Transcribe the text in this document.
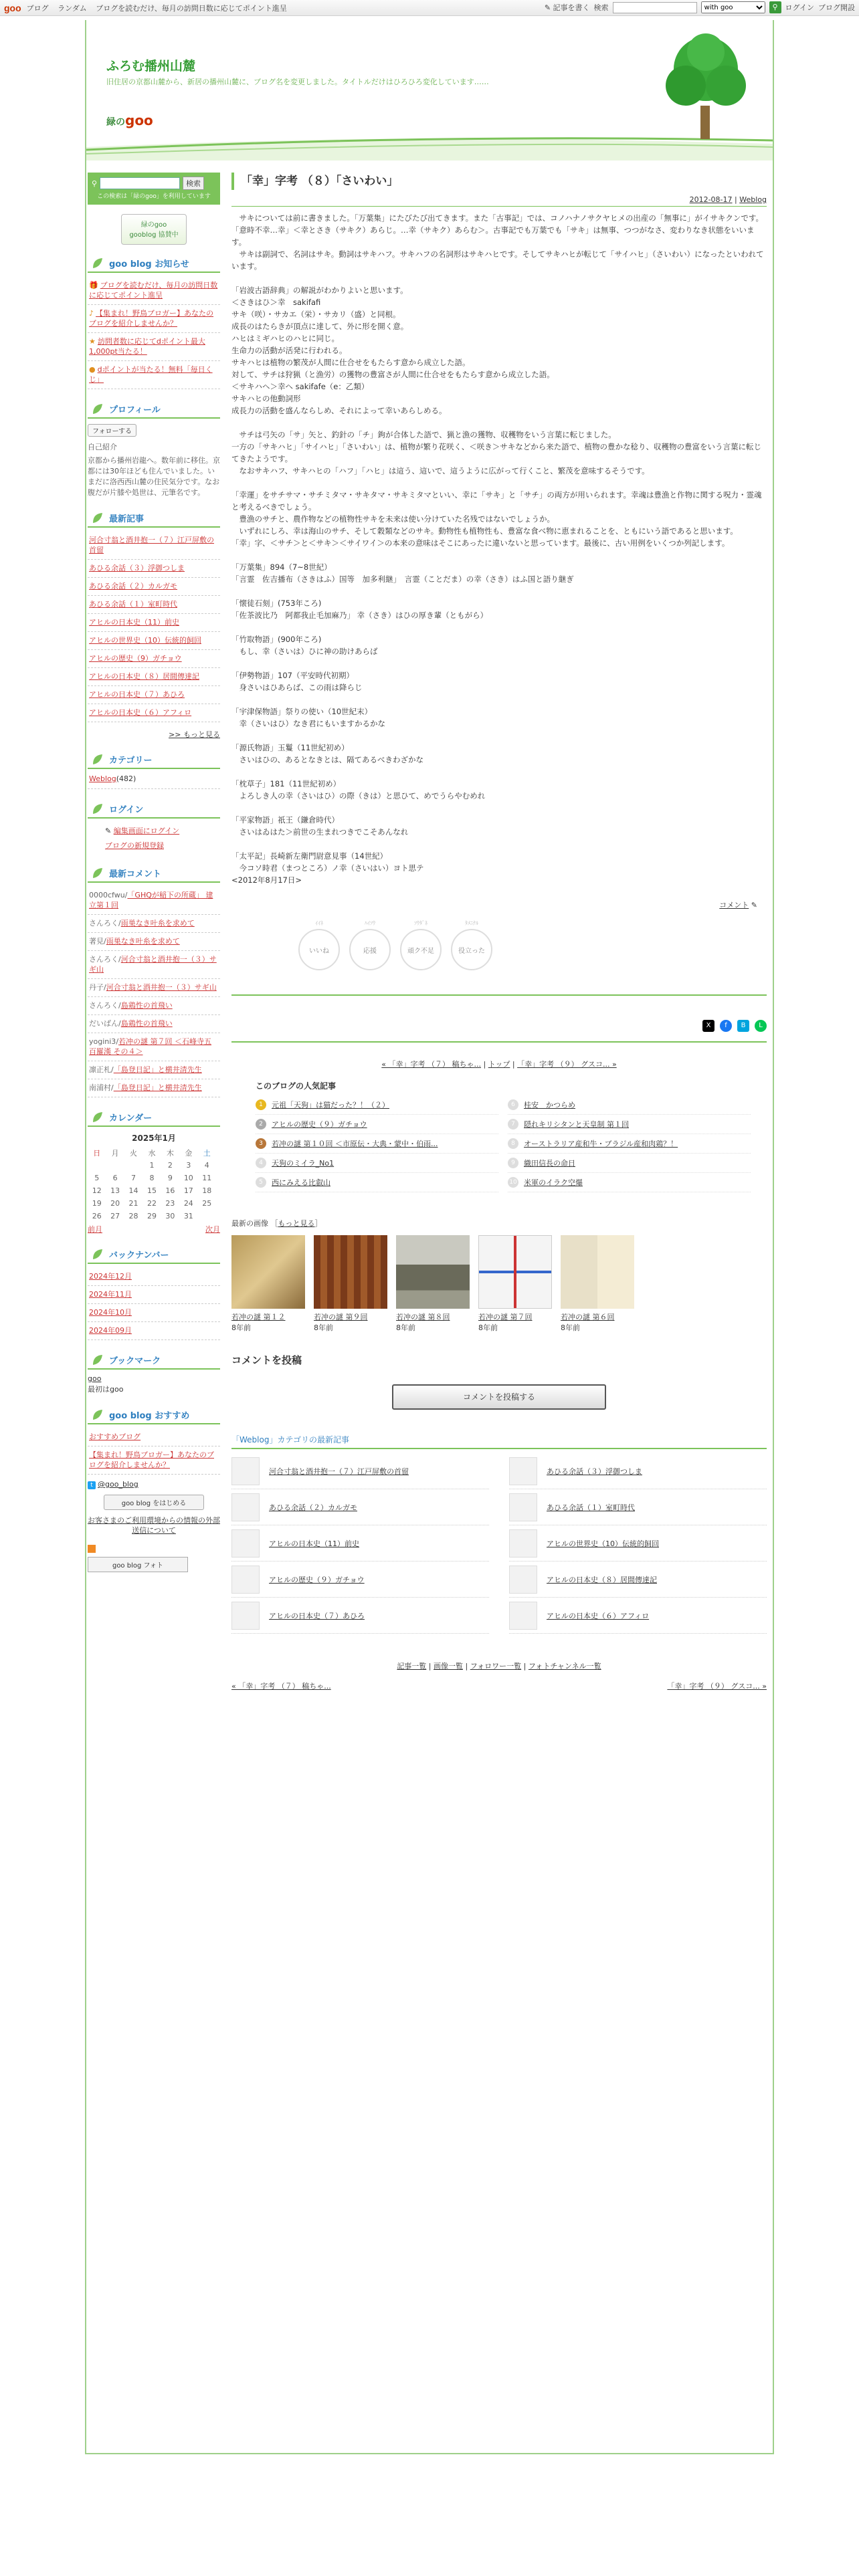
goo ブログ ランダム ブログを読むだけ、毎月の訪問日数に応じてポイント進呈	✎ 記事を書く 検索
with goo	⚲ ログイン ブログ開設
ふろむ播州山麓
旧住居の京都山麓から、新居の播州山麓に、ブログ名を変更しました。タイトルだけはひろひろ変化しています……
緑のgoo
⚲	検索
この検索は「緑のgoo」を利用しています
緑のgoo
gooblog 協賛中
goo blog お知らせ
🎁 ブログを読むだけ、毎月の訪問日数に応じてポイント進呈
♪ 【集まれ！野鳥ブロガー】あなたのブログを紹介しませんか？
★ 訪問者数に応じてdポイント最大1,000pt当たる！
● dポイントが当たる！無料「毎日くじ」
プロフィール
フォローする
自己紹介
京都から播州岩龍へ。数年前に移住。京都には30年ほども住んでいました。いまだに洛西西山麓の住民気分です。なお腹だが片膝や処世は、元筆名です。
最新記事
河合寸翁と酒井抱一（７）江戸屏敷の首留
あひる余話（３）浮御つしま
あひる余話（２）カルガモ
あひる余話（１）室町時代
アヒルの日本史（11）前史
アヒルの世界史（10）伝統的飼回
アヒルの歴史（9）ガチョウ
アヒルの日本史（８）居間傳達記
アヒルの日本史（７）あひろ
アヒルの日本史（６）アフィロ
>> もっと見る
カテゴリー
Weblog(482)
ログイン
✎ 編集画面にログイン
ブログの新規登録
最新コメント
0000cfwu/「GHQが稲下の所蔵」 建立第１回
さんろく/雨巣なき叶糸を求めて
著見/雨巣なき叶糸を求めて
さんろく/河合寸翁と酒井抱一（３）サギ山
丹子/河合寸翁と酒井抱一（３）サギ山
さんろく/島鶏性の首飛い
だいばん/島鶏性の首飛い
yogini3/若冲の謎 第７回 ＜石峰寺五百羅漢 その４＞
凛正札/「島登日記」と横井清先生
南浦村/「島登日記」と横井清先生
カレンダー
2025年1月
日	月	火	水	木	金	土
			1	2	3	4
5	6	7	8	9	10	11
12	13	14	15	16	17	18
19	20	21	22	23	24	25
26	27	28	29	30	31	
前月	次月
バックナンバー
2024年12月
2024年11月
2024年10月
2024年09月
ブックマーク
goo
最初はgoo
goo blog おすすめ
おすすめブログ
【集まれ！野鳥ブロガー】あなたのブログを紹介しませんか？
t @goo_blog
goo blog をはじめる
お客さまのご利用環境からの情報の外部送信について
goo blog フォト
「幸」字考 （８）「さいわい」
2012-08-17 | Weblog

　サキについては前に書きました。「万葉集」にたびたび出てきます。また「古事記」では、コノハナノサクヤヒメの出産の「無事に」がイサキクンです。「意時不幸…幸」＜幸とさき（サキク）あらじ。…幸（サキク）あらむ＞。古事記でも万葉でも「サキ」は無事、つつがなさ、変わりなき状態をいいます。
　サキは副詞で、名詞はサキ。動詞はサキハフ。サキハフの名詞形はサキハヒです。そしてサキハヒが転じて「サイハヒ」（さいわい）になったといわれています。

「岩波古語辞典」の解説がわかりよいと思います。
＜さきはひ＞幸　sakifafi
サキ（咲）・サカエ（栄）・サカリ（盛）と同根。
成長のはたらきが頂点に達して、外に形を開く意。
ハヒはミギハヒのハヒに同じ。
生命力の活動が活発に行われる。
サキハヒは植物の繁茂が人間に仕合せをもたらす意から成立した語。
対して、サチは狩猟（と漁労）の獲物の豊富さが人間に仕合せをもたらす意から成立した語。
＜サキハヘ＞幸へ sakifafe（e：乙類）
サキハヒの他動詞形
成長力の活動を盛んならしめ、それによって幸いあらしめる。

　サチは弓矢の「サ」矢と、釣針の「チ」鉤が合体した語で、猟と漁の獲物、収穫物をいう言葉に転じました。
一方の「サキハヒ」「サイハヒ」「さいわい」は、植物が繁り花咲く、＜咲き＞サキなどから来た語で、植物の豊かな稔り、収穫物の豊富をいう言葉に転じてきたようです。
　なおサキハフ、サキハヒの「ハフ」「ハヒ」は這う、這いで、這うように広がって行くこと、繁茂を意味するそうです。

「幸運」をサチサマ・サチミタマ・サキタマ・サキミタマといい、幸に「サキ」と「サチ」の両方が用いられます。幸魂は豊漁と作物に関する呪力・霊魂と考えるべきでしょう。
　豊漁のサチと、農作物などの植物性サキを未来は使い分けていた名残ではないでしょうか。
　いずれにしろ、幸は海山のサチ、そして穀類などのサキ。動物性も植物性も、豊富な食べ物に恵まれることを、ともにいう語であると思います。
「幸」字、＜サチ＞と＜サキ＞＜サイワイ＞の本来の意味はそこにあったに違いないと思っています。最後に、古い用例をいくつか列記します。

「万葉集」894（7~8世紀）
「言霊　佐吉播布（さきはふ）国等　加多利継」　言霊（ことだま）の幸（さき）はふ国と語り継ぎ

「懐徒石刻」(753年ころ)
「佐茶波比乃　阿都我止毛加麻乃」 幸（さき）はひの厚き輩（ともがら）

「竹取物語」(900年ころ)
　もし、幸（さいは）ひに神の助けあらば

「伊勢物語」107（平安時代初期）
　身さいはひあらば、この雨は降らじ

「宇津保物語」祭りの使い（10世紀末）
　幸（さいはひ）なき君にもいますかるかな

「源氏物語」玉鬘（11世紀初め）
　さいはひの、あるとなきとは、隔てあるべきわざかな

「枕草子」181（11世紀初め）
　よろしき人の幸（さいはひ）の際（きは）と思ひて、めでうらやむめれ

「平家物語」祇王（鎌倉時代）
　さいはゐはた＞前世の生まれつきでこそあんなれ

「太平記」長崎新左衛門尉意見事（14世紀）
　今コソ時君（まつところ）ノ幸（さいはい）ヨト思テ
<2012年8月17日>

コメント ✎
ｲｲﾈ
いいね
ﾊｲｿｳ
応援
ｿｳﾀﾞﾈ
頑ク不足
ﾀﾒﾆﾅﾙ
役立った
X	f	B	L
« 「幸」字考 （７） 稿ちゃ... | トップ | 「幸」字考 （９） グスコ... »
このブログの人気記事
1	元祖「天狗」は猫だった？！（２）	6	桂安　かつらめ
2	アヒルの歴史（９）ガチョウ	7	隠れキリシタンと天皇制 第１回
3	若冲の謎 第１０回 ＜市原伝・大典・蒙中・伯雨...	8	オーストラリア産和牛・ブラジル産和肉鶏？！
4	天狗のミイラ_No1	9	織田信長の命日
5	西にみえる比叡山	10 米軍のイラク空爆
最新の画像 ［もっと見る］
若冲の謎 第１２
8年前
若冲の謎 第９回
8年前
若冲の謎 第８回
8年前
若冲の謎 第７回
8年前
若冲の謎 第６回
8年前
コメントを投稿
コメントを投稿する
「Weblog」カテゴリの最新記事
河合寸翁と酒井抱一（７）江戸屏敷の首留	あひる余話（３）浮御つしま
あひる余話（２）カルガモ	あひる余話（１）室町時代
アヒルの日本史（11）前史	アヒルの世界史（10）伝統的飼回
アヒルの歴史（９）ガチョウ	アヒルの日本史（８）居間傳達記
アヒルの日本史（７）あひろ	アヒルの日本史（６）アフィロ
記事一覧 | 画像一覧 | フォロワー一覧 | フォトチャンネル一覧
« 「幸」字考 （７） 稿ちゃ...	「幸」字考 （９） グスコ... »
